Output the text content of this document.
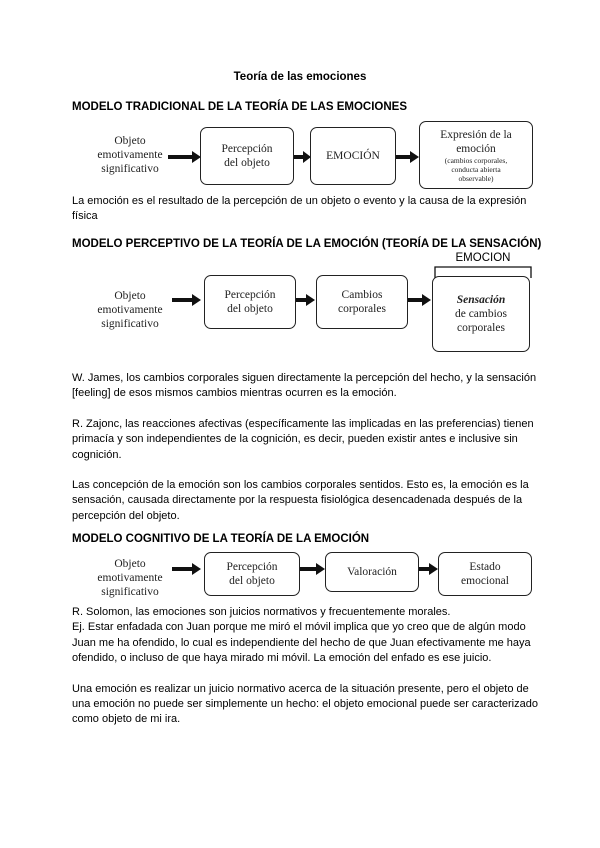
Teoría de las emociones
MODELO TRADICIONAL DE LA TEORÍA DE LAS EMOCIONES
Objeto
emotivamente
significativo
Percepción
del objeto
EMOCIÓN
Expresión de la
emoción
(cambios corporales,
conducta abierta
observable)
La emoción es el resultado de la percepción de un objeto o evento y la causa de la expresión física
MODELO PERCEPTIVO DE LA TEORÍA DE LA EMOCIÓN (TEORÍA DE LA SENSACIÓN)
EMOCION
Objeto
emotivamente
significativo
Percepción
del objeto
Cambios
corporales
Sensación
de cambios
corporales

W. James, los cambios corporales siguen directamente la percepción del hecho, y la sensación [feeling] de esos mismos cambios mientras ocurren es la emoción.

R. Zajonc, las reacciones afectivas (específicamente las implicadas en las preferencias) tienen primacía y son independientes de la cognición, es decir, pueden existir antes e inclusive sin cognición.

Las concepción de la emoción son los cambios corporales sentidos. Esto es, la emoción es la sensación, causada directamente por la respuesta fisiológica desencadenada después de la percepción del objeto.

MODELO COGNITIVO DE LA TEORÍA DE LA EMOCIÓN
Objeto
emotivamente
significativo
Percepción
del objeto
Valoración	Estado
emocional

R. Solomon, las emociones son juicios normativos y frecuentemente morales.

Ej. Estar enfadada con Juan porque me miró el móvil implica que yo creo que de algún modo Juan me ha ofendido, lo cual es independiente del hecho de que Juan efectivamente me haya ofendido, o incluso de que haya mirado mi móvil. La emoción del enfado es ese juicio.

Una emoción es realizar un juicio normativo acerca de la situación presente, pero el objeto de una emoción no puede ser simplemente un hecho: el objeto emocional puede ser caracterizado como objeto de mi ira.
